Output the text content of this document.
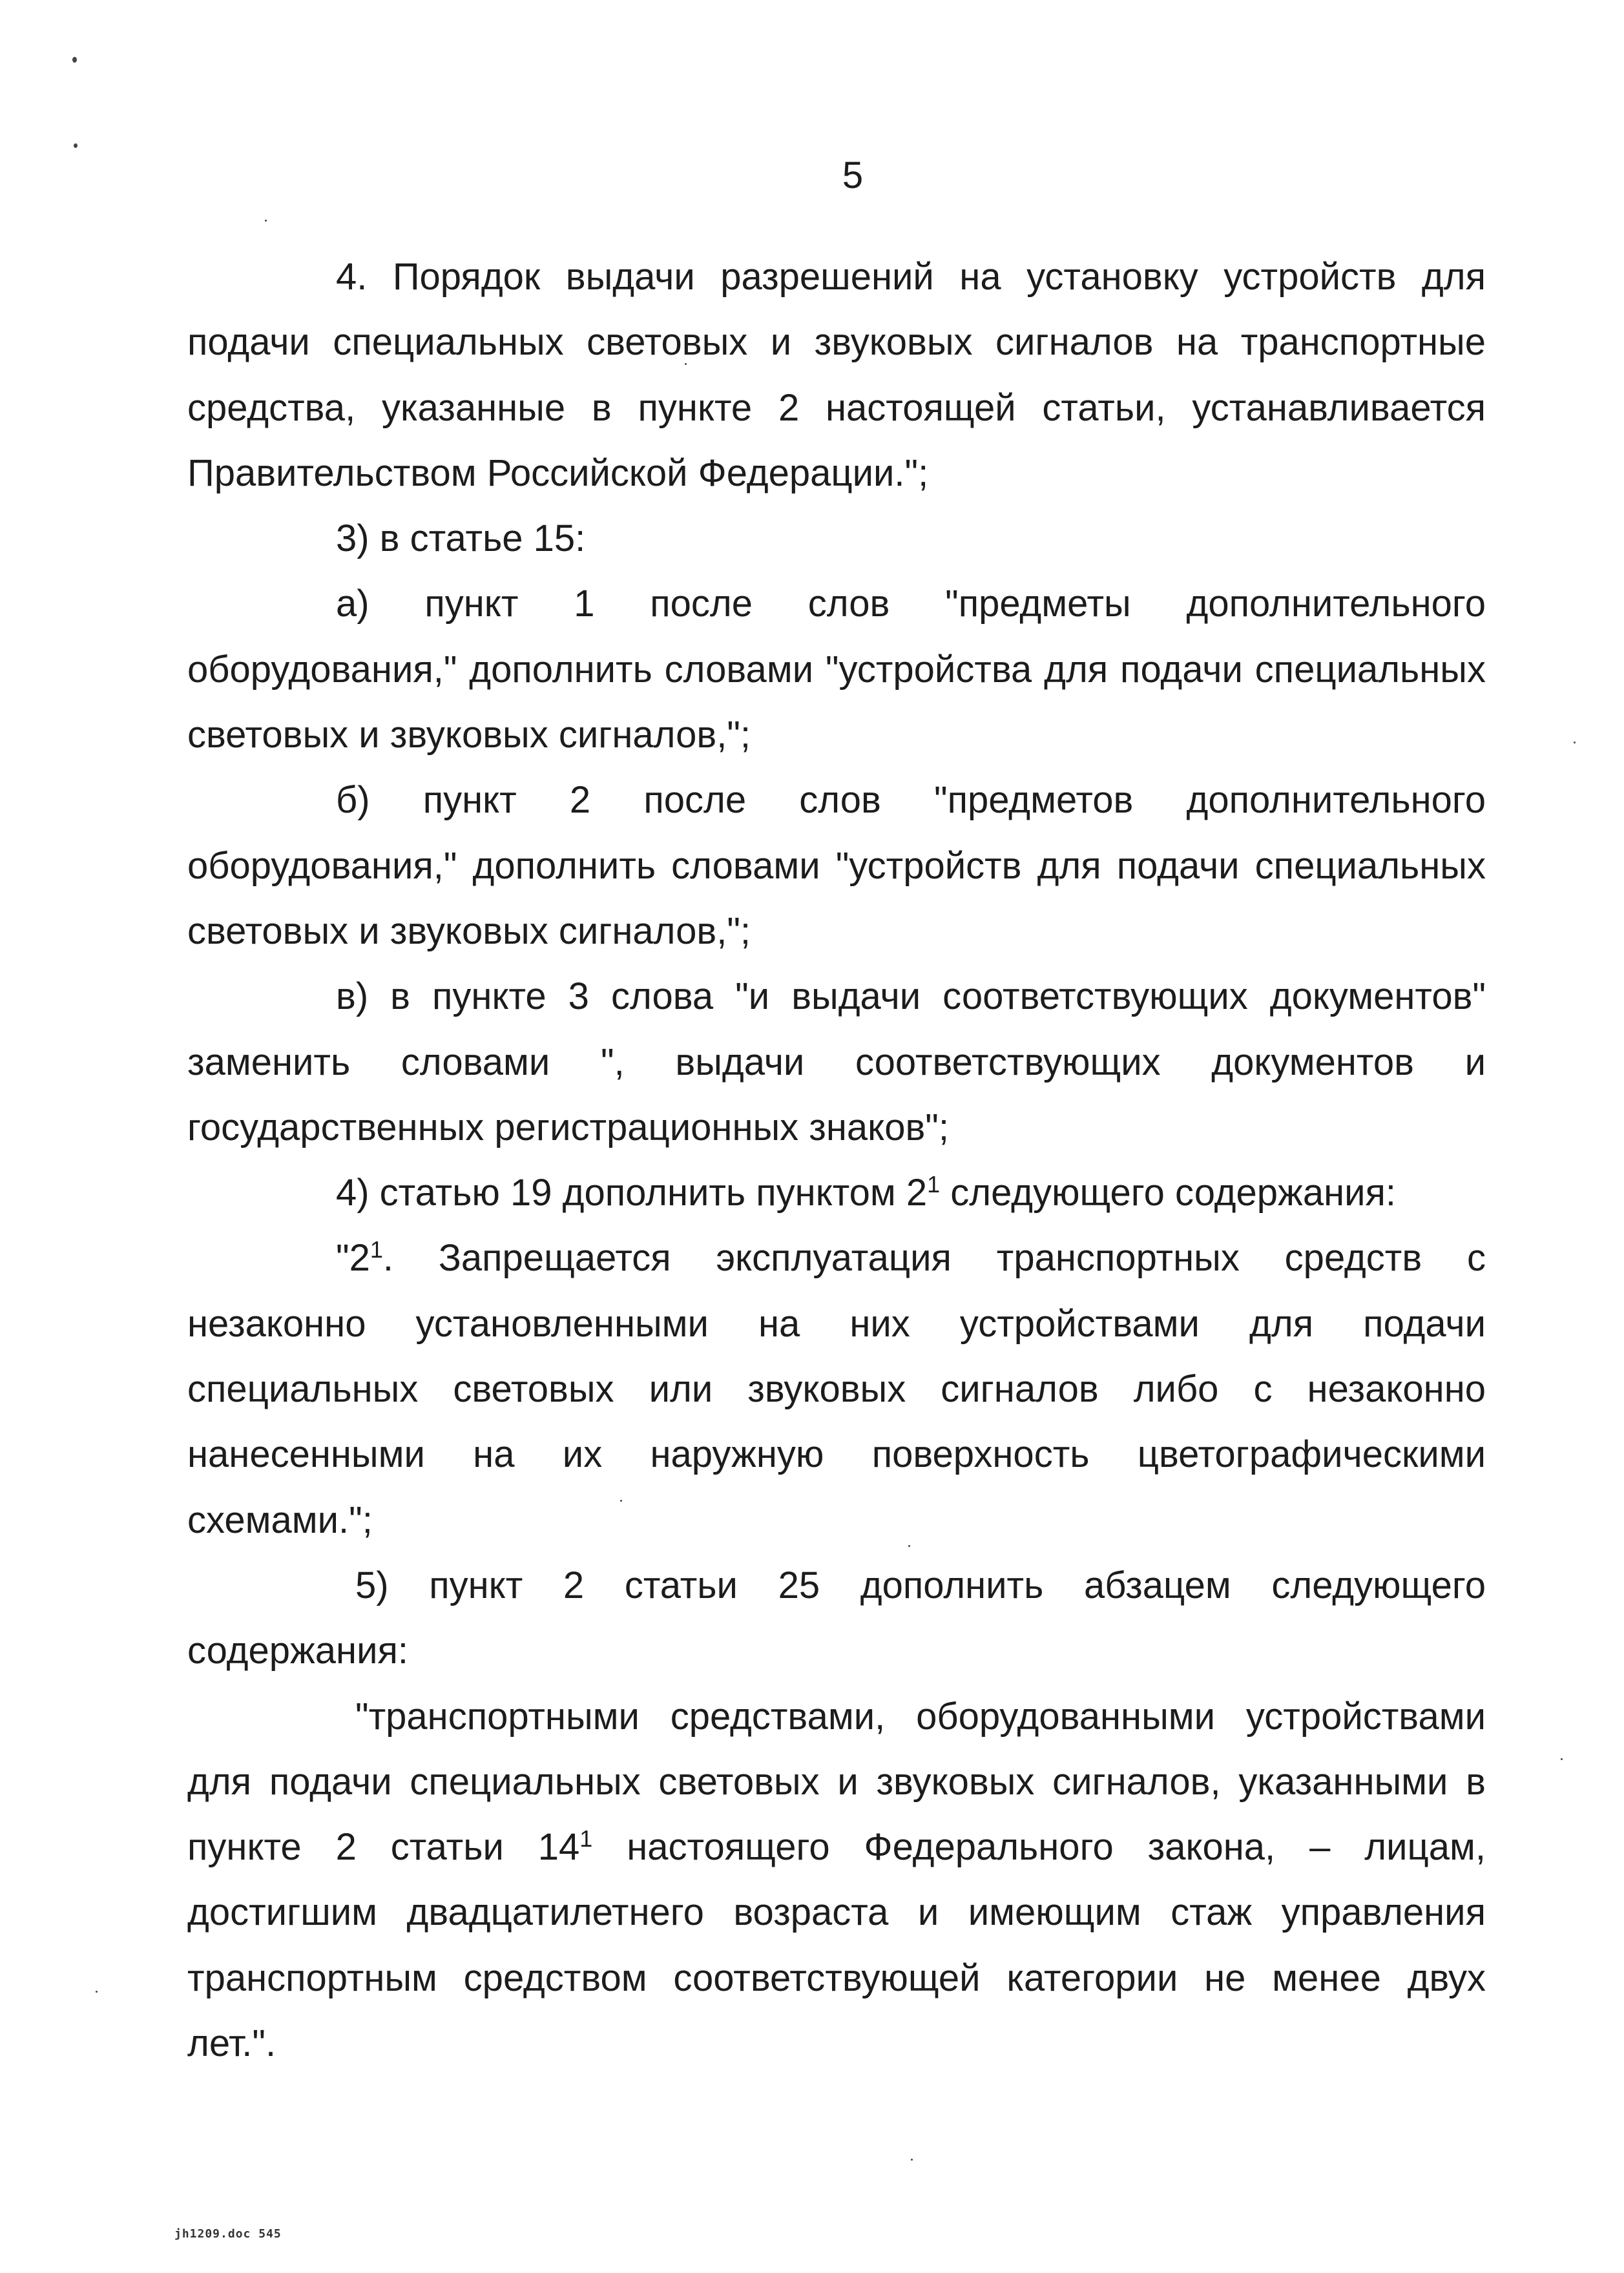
5

4. Порядок выдачи разрешений на установку устройств для подачи специальных световых и звуковых сигналов на транспортные средства, указанные в пункте 2 настоящей статьи, устанавливается Правительством Российской Федерации.";

3) в статье 15:

а) пункт 1 после слов "предметы дополнительного оборудования," дополнить словами "устройства для подачи специальных световых и звуковых сигналов,";

б) пункт 2 после слов "предметов дополнительного оборудования," дополнить словами "устройств для подачи специальных световых и звуковых сигналов,";

в) в пункте 3 слова "и выдачи соответствующих документов" заменить словами ", выдачи соответствующих документов и государственных регистрационных знаков";

4) статью 19 дополнить пунктом $2^1$ следующего содержания:

"$2^1$. Запрещается эксплуатация транспортных средств с незаконно установленными на них устройствами для подачи специальных световых или звуковых сигналов либо с незаконно нанесенными на их наружную поверхность цветографическими схемами.";

5) пункт 2 статьи 25 дополнить абзацем следующего содержания:

"транспортными средствами, оборудованными устройствами для подачи специальных световых и звуковых сигналов, указанными в пункте 2 статьи $14^1$ настоящего Федерального закона, – лицам, достигшим двадцатилетнего возраста и имеющим стаж управления транспортным средством соответствующей категории не менее двух лет.".

jh1209.doc 545
